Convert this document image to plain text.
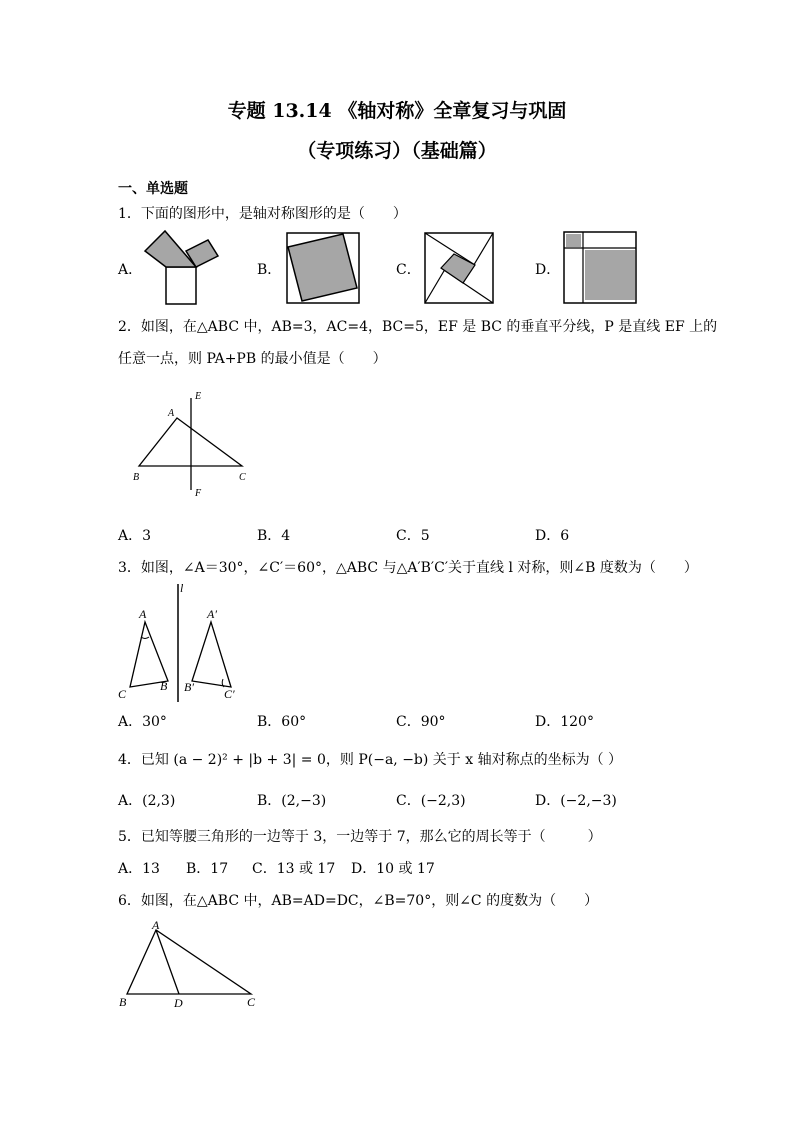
专题 13.14 《轴对称》全章复习与巩固
（专项练习）（基础篇）
一、单选题
1．下面的图形中，是轴对称图形的是（　　）
A．	B．	C．	D．
2．如图，在△ABC 中，AB=3，AC=4，BC=5，EF 是 BC 的垂直平分线，P 是直线 EF 上的
任意一点，则 PA+PB 的最小值是（　　）
A
E
B	C
F
A．3	B．4	C．5	D．6
3．如图，∠A＝30°，∠C′＝60°，△ABC 与△A′B′C′关于直线 l 对称，则∠B 度数为（　　）
l
A	A′
C
B B′	C′
A．30°	B．60°	C．90°	D．120°
4．已知 (a − 2)² + |b + 3| = 0，则 P(−a, −b) 关于 x 轴对称点的坐标为（ ）
A．(2,3)	B．(2,−3)	C．(−2,3)	D．(−2,−3)
5．已知等腰三角形的一边等于 3，一边等于 7，那么它的周长等于（　　　）
A．13 B．17 C．13 或 17 D．10 或 17
6．如图，在△ABC 中，AB=AD=DC，∠B=70°，则∠C 的度数为（　　）
A
B	D	C
